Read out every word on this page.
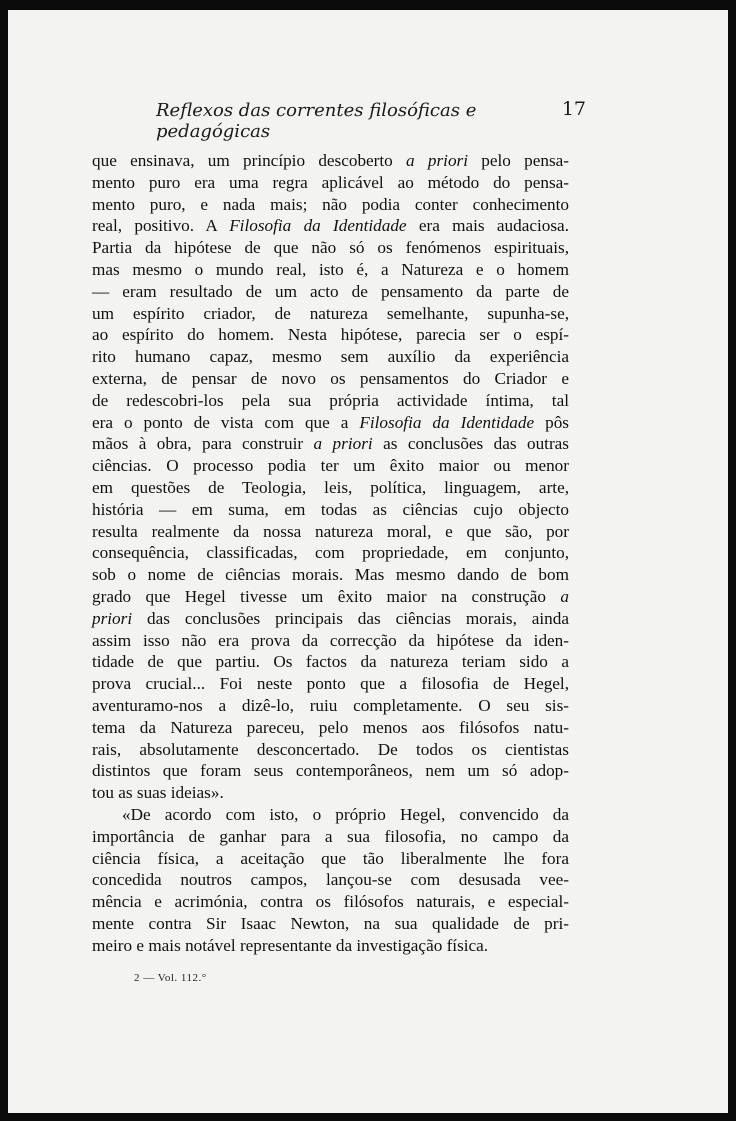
Reflexos das correntes filosóficas e pedagógicas
17
que ensinava, um princípio descoberto a priori pelo pensa-
mento puro era uma regra aplicável ao método do pensa-
mento puro, e nada mais; não podia conter conhecimento
real, positivo. A Filosofia da Identidade era mais audaciosa.
Partia da hipótese de que não só os fenómenos espirituais,
mas mesmo o mundo real, isto é, a Natureza e o homem
— eram resultado de um acto de pensamento da parte de
um espírito criador, de natureza semelhante, supunha-se,
ao espírito do homem. Nesta hipótese, parecia ser o espí-
rito humano capaz, mesmo sem auxílio da experiência
externa, de pensar de novo os pensamentos do Criador e
de redescobri-los pela sua própria actividade íntima, tal
era o ponto de vista com que a Filosofia da Identidade pôs
mãos à obra, para construir a priori as conclusões das outras
ciências. O processo podia ter um êxito maior ou menor
em questões de Teologia, leis, política, linguagem, arte,
história — em suma, em todas as ciências cujo objecto
resulta realmente da nossa natureza moral, e que são, por
consequência, classificadas, com propriedade, em conjunto,
sob o nome de ciências morais. Mas mesmo dando de bom
grado que Hegel tivesse um êxito maior na construção a
priori das conclusões principais das ciências morais, ainda
assim isso não era prova da correcção da hipótese da iden-
tidade de que partiu. Os factos da natureza teriam sido a
prova crucial... Foi neste ponto que a filosofia de Hegel,
aventuramo-nos a dizê-lo, ruiu completamente. O seu sis-
tema da Natureza pareceu, pelo menos aos filósofos natu-
rais, absolutamente desconcertado. De todos os cientistas
distintos que foram seus contemporâneos, nem um só adop-
tou as suas ideias».
«De acordo com isto, o próprio Hegel, convencido da
importância de ganhar para a sua filosofia, no campo da
ciência física, a aceitação que tão liberalmente lhe fora
concedida noutros campos, lançou-se com desusada vee-
mência e acrimónia, contra os filósofos naturais, e especial-
mente contra Sir Isaac Newton, na sua qualidade de pri-
meiro e mais notável representante da investigação física.
2 — Vol. 112.°
